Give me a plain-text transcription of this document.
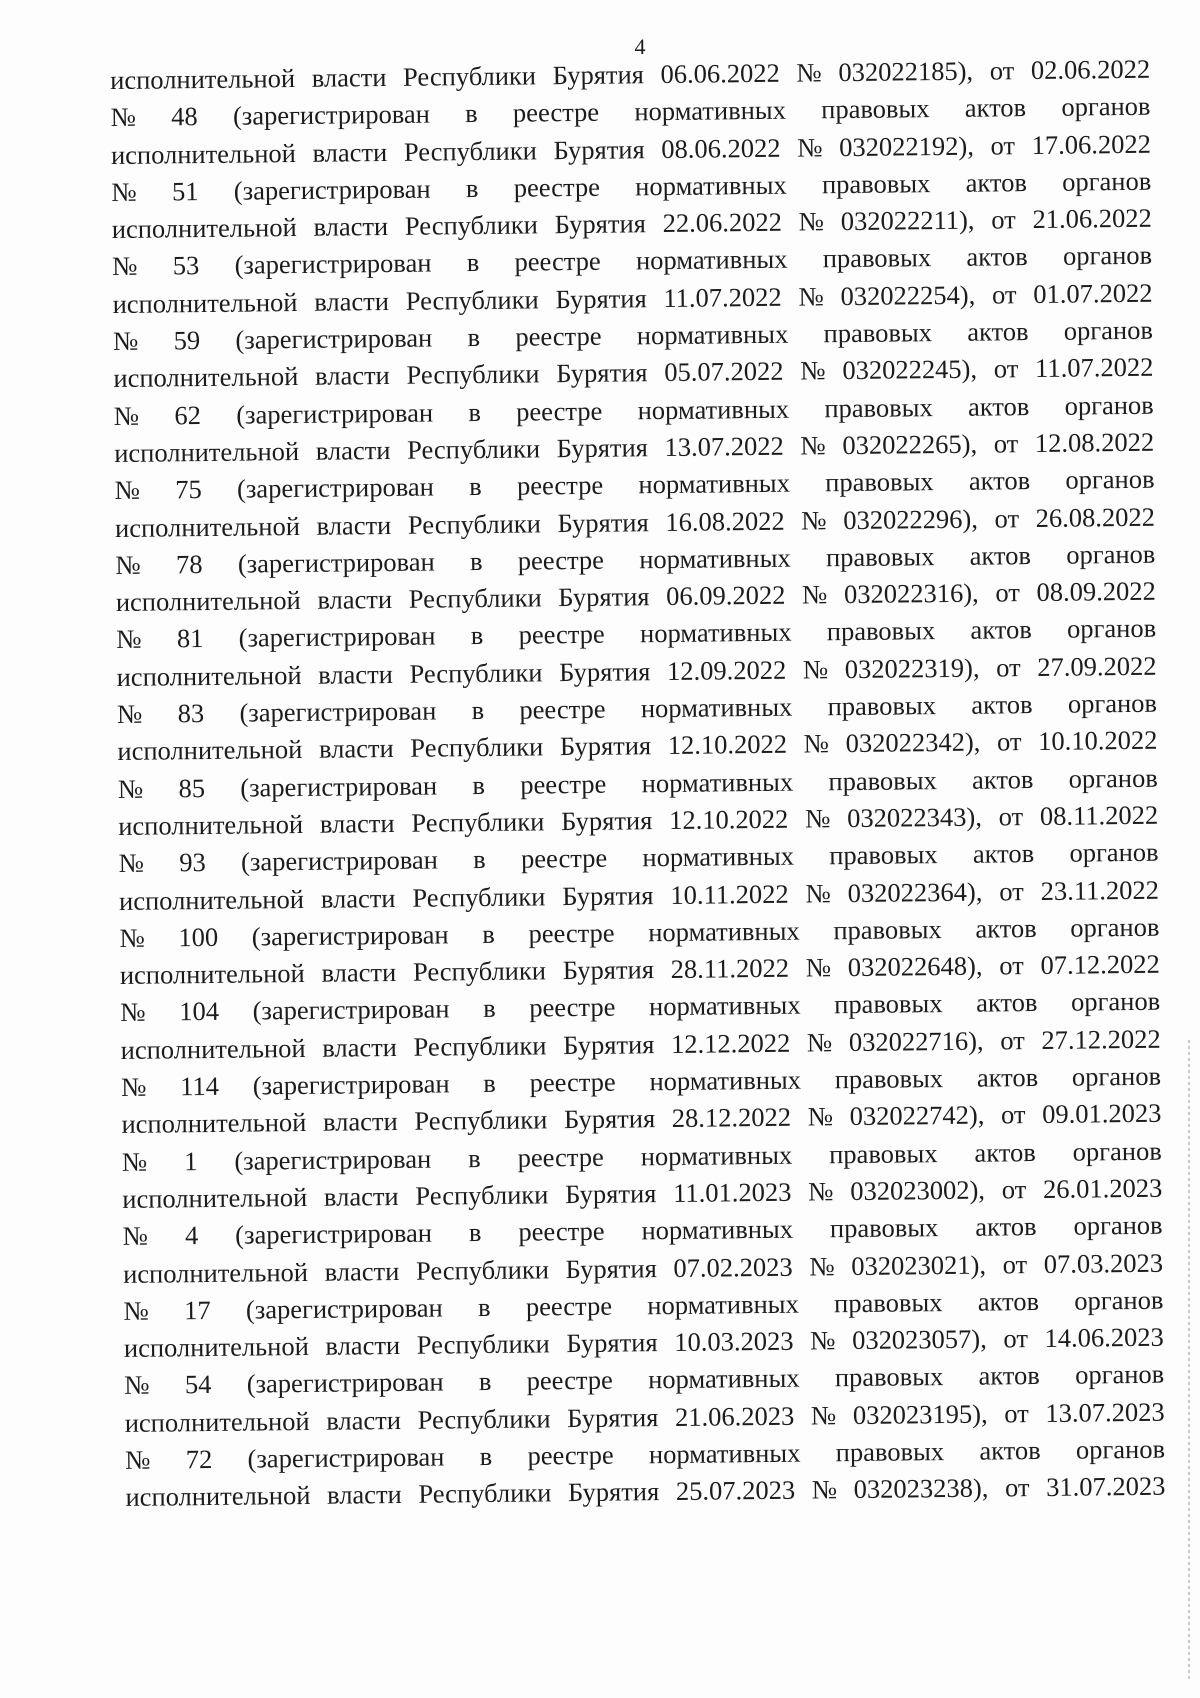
4
исполнительной власти Республики Бурятия 06.06.2022 № 032022185), от 02.06.2022
№ 48 (зарегистрирован в реестре нормативных правовых актов органов
исполнительной власти Республики Бурятия 08.06.2022 № 032022192), от 17.06.2022
№ 51 (зарегистрирован в реестре нормативных правовых актов органов
исполнительной власти Республики Бурятия 22.06.2022 № 032022211), от 21.06.2022
№ 53 (зарегистрирован в реестре нормативных правовых актов органов
исполнительной власти Республики Бурятия 11.07.2022 № 032022254), от 01.07.2022
№ 59 (зарегистрирован в реестре нормативных правовых актов органов
исполнительной власти Республики Бурятия 05.07.2022 № 032022245), от 11.07.2022
№ 62 (зарегистрирован в реестре нормативных правовых актов органов
исполнительной власти Республики Бурятия 13.07.2022 № 032022265), от 12.08.2022
№ 75 (зарегистрирован в реестре нормативных правовых актов органов
исполнительной власти Республики Бурятия 16.08.2022 № 032022296), от 26.08.2022
№ 78 (зарегистрирован в реестре нормативных правовых актов органов
исполнительной власти Республики Бурятия 06.09.2022 № 032022316), от 08.09.2022
№ 81 (зарегистрирован в реестре нормативных правовых актов органов
исполнительной власти Республики Бурятия 12.09.2022 № 032022319), от 27.09.2022
№ 83 (зарегистрирован в реестре нормативных правовых актов органов
исполнительной власти Республики Бурятия 12.10.2022 № 032022342), от 10.10.2022
№ 85 (зарегистрирован в реестре нормативных правовых актов органов
исполнительной власти Республики Бурятия 12.10.2022 № 032022343), от 08.11.2022
№ 93 (зарегистрирован в реестре нормативных правовых актов органов
исполнительной власти Республики Бурятия 10.11.2022 № 032022364), от 23.11.2022
№ 100 (зарегистрирован в реестре нормативных правовых актов органов
исполнительной власти Республики Бурятия 28.11.2022 № 032022648), от 07.12.2022
№ 104 (зарегистрирован в реестре нормативных правовых актов органов
исполнительной власти Республики Бурятия 12.12.2022 № 032022716), от 27.12.2022
№ 114 (зарегистрирован в реестре нормативных правовых актов органов
исполнительной власти Республики Бурятия 28.12.2022 № 032022742), от 09.01.2023
№ 1 (зарегистрирован в реестре нормативных правовых актов органов
исполнительной власти Республики Бурятия 11.01.2023 № 032023002), от 26.01.2023
№ 4 (зарегистрирован в реестре нормативных правовых актов органов
исполнительной власти Республики Бурятия 07.02.2023 № 032023021), от 07.03.2023
№ 17 (зарегистрирован в реестре нормативных правовых актов органов
исполнительной власти Республики Бурятия 10.03.2023 № 032023057), от 14.06.2023
№ 54 (зарегистрирован в реестре нормативных правовых актов органов
исполнительной власти Республики Бурятия 21.06.2023 № 032023195), от 13.07.2023
№ 72 (зарегистрирован в реестре нормативных правовых актов органов
исполнительной власти Республики Бурятия 25.07.2023 № 032023238), от 31.07.2023
